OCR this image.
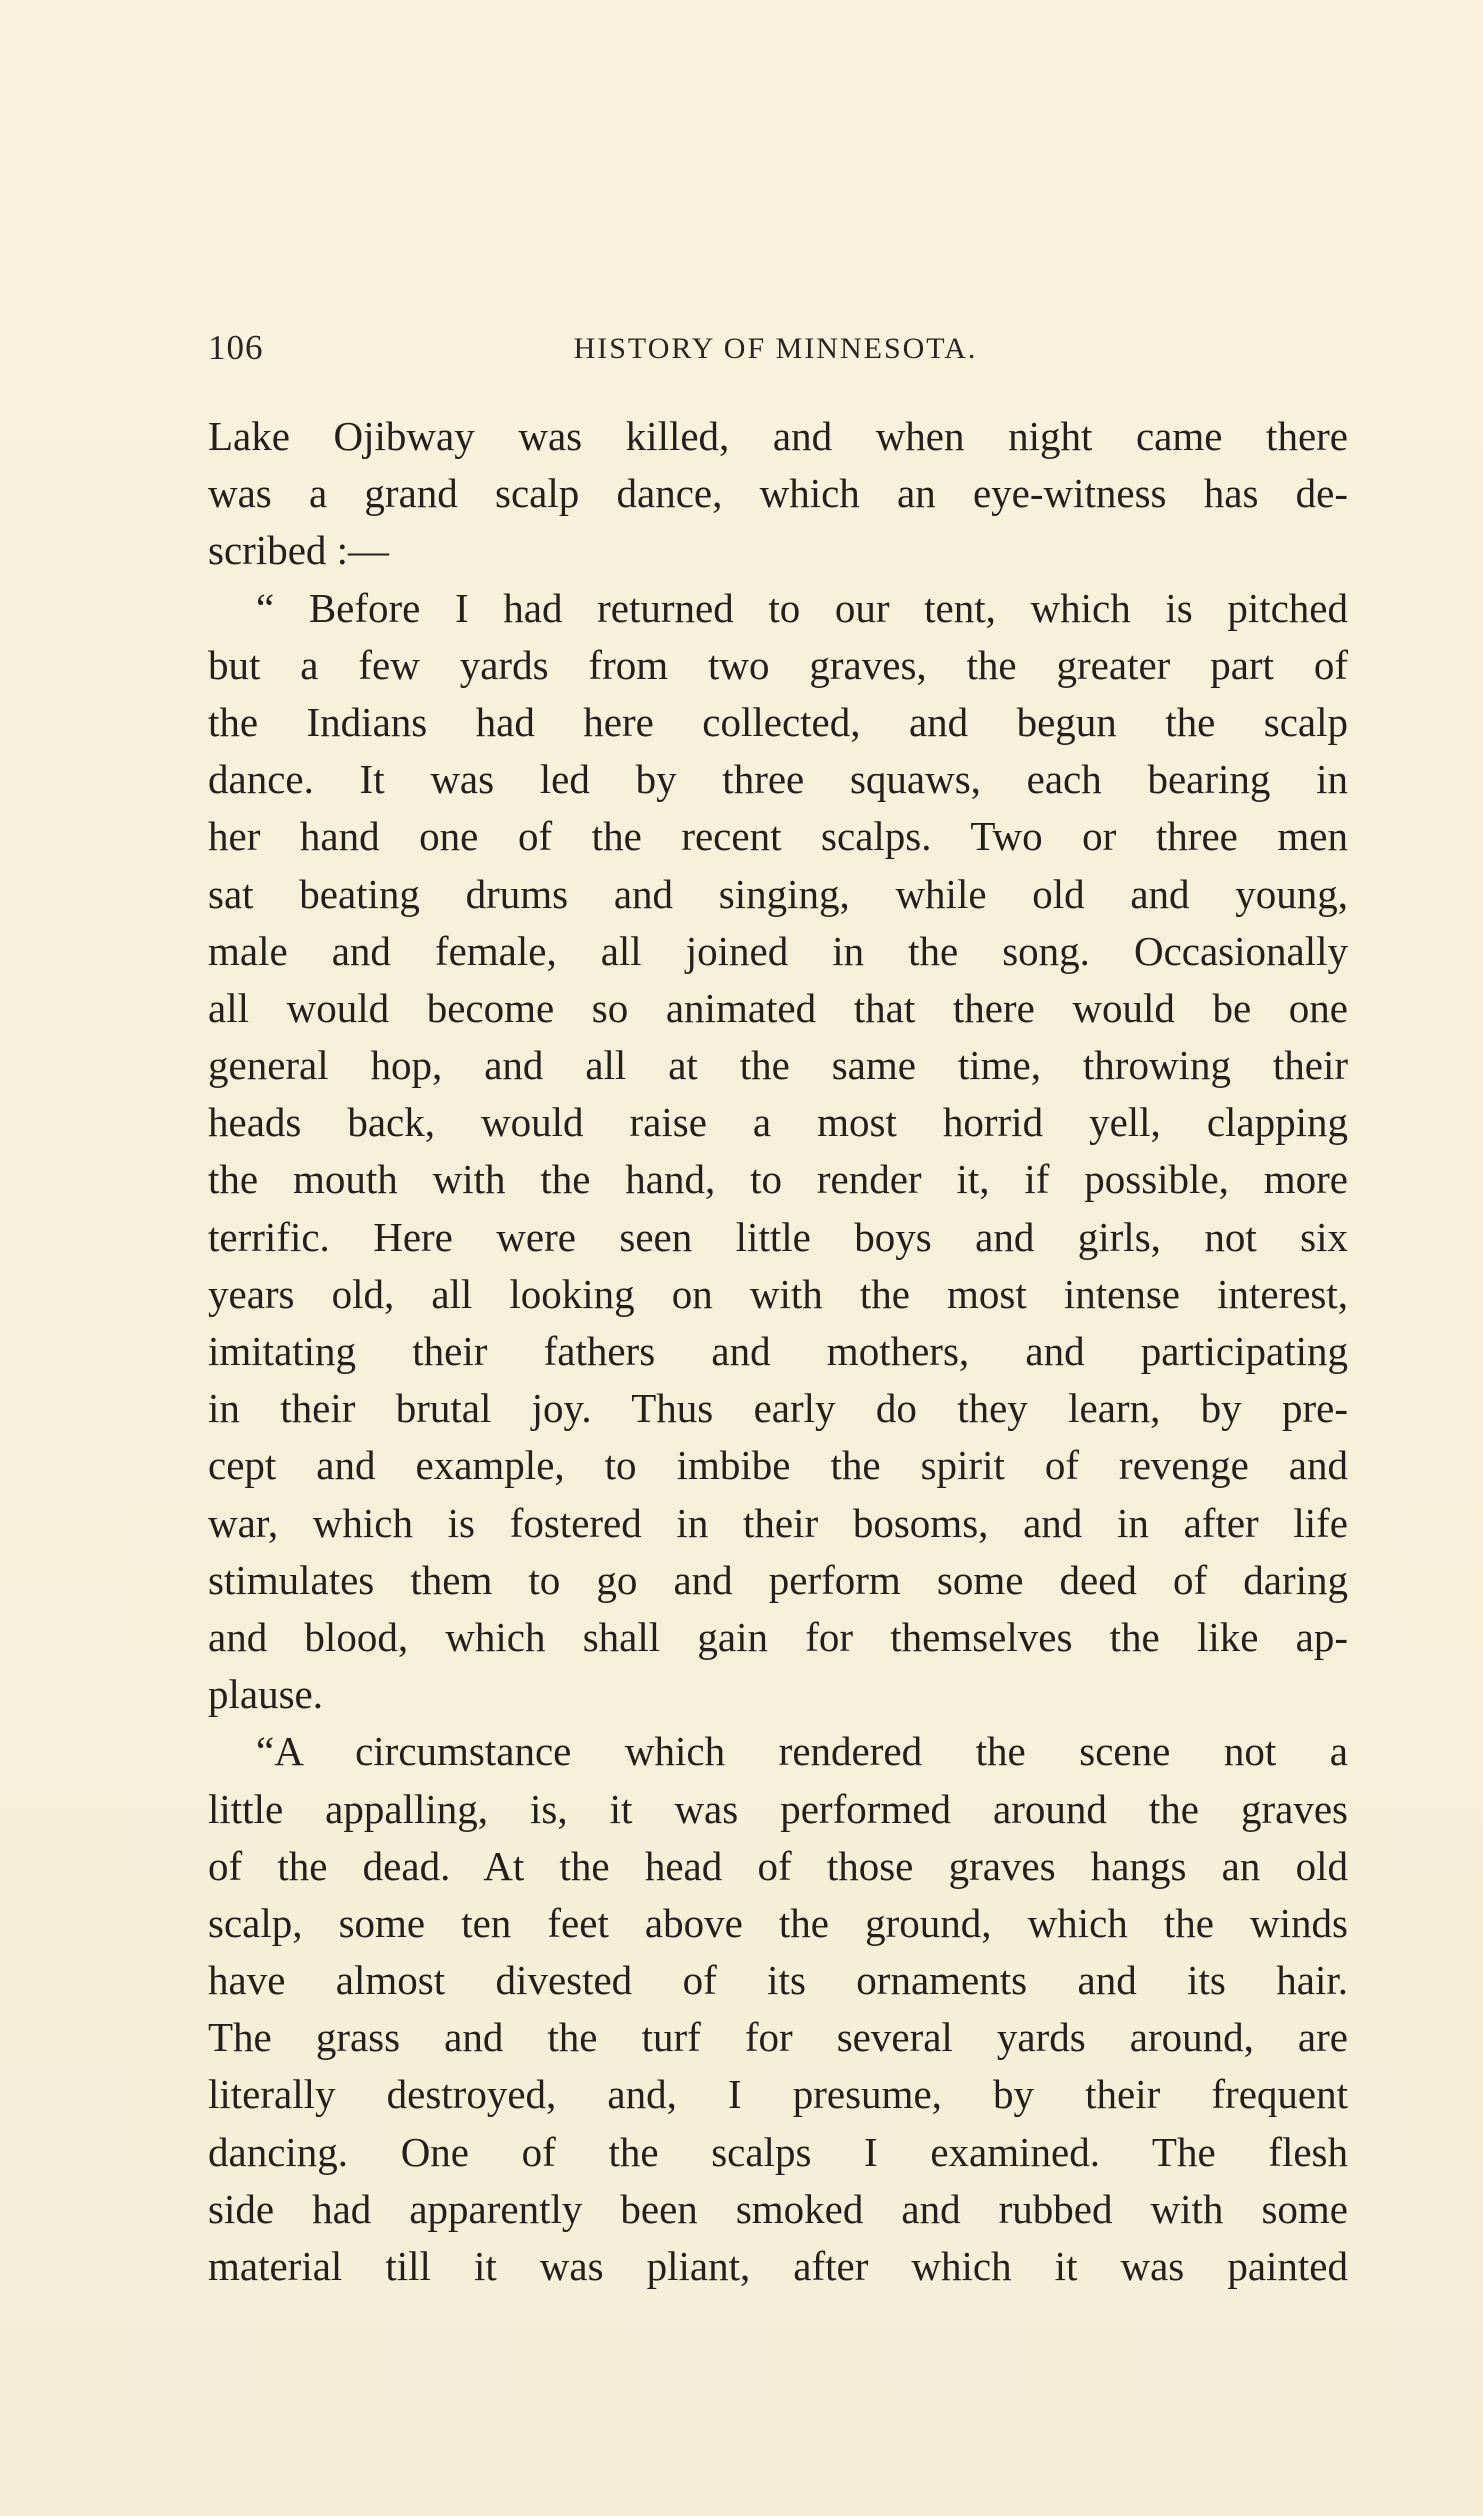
106	HISTORY OF MINNESOTA.
Lake Ojibway was killed, and when night came there
was a grand scalp dance, which an eye-witness has de-
scribed :—
“ Before I had returned to our tent, which is pitched
but a few yards from two graves, the greater part of
the Indians had here collected, and begun the scalp
dance. It was led by three squaws, each bearing in
her hand one of the recent scalps. Two or three men
sat beating drums and singing, while old and young,
male and female, all joined in the song. Occasionally
all would become so animated that there would be one
general hop, and all at the same time, throwing their
heads back, would raise a most horrid yell, clapping
the mouth with the hand, to render it, if possible, more
terrific. Here were seen little boys and girls, not six
years old, all looking on with the most intense interest,
imitating their fathers and mothers, and participating
in their brutal joy. Thus early do they learn, by pre-
cept and example, to imbibe the spirit of revenge and
war, which is fostered in their bosoms, and in after life
stimulates them to go and perform some deed of daring
and blood, which shall gain for themselves the like ap-
plause.
“A circumstance which rendered the scene not a
little appalling, is, it was performed around the graves
of the dead. At the head of those graves hangs an old
scalp, some ten feet above the ground, which the winds
have almost divested of its ornaments and its hair.
The grass and the turf for several yards around, are
literally destroyed, and, I presume, by their frequent
dancing. One of the scalps I examined. The flesh
side had apparently been smoked and rubbed with some
material till it was pliant, after which it was painted
